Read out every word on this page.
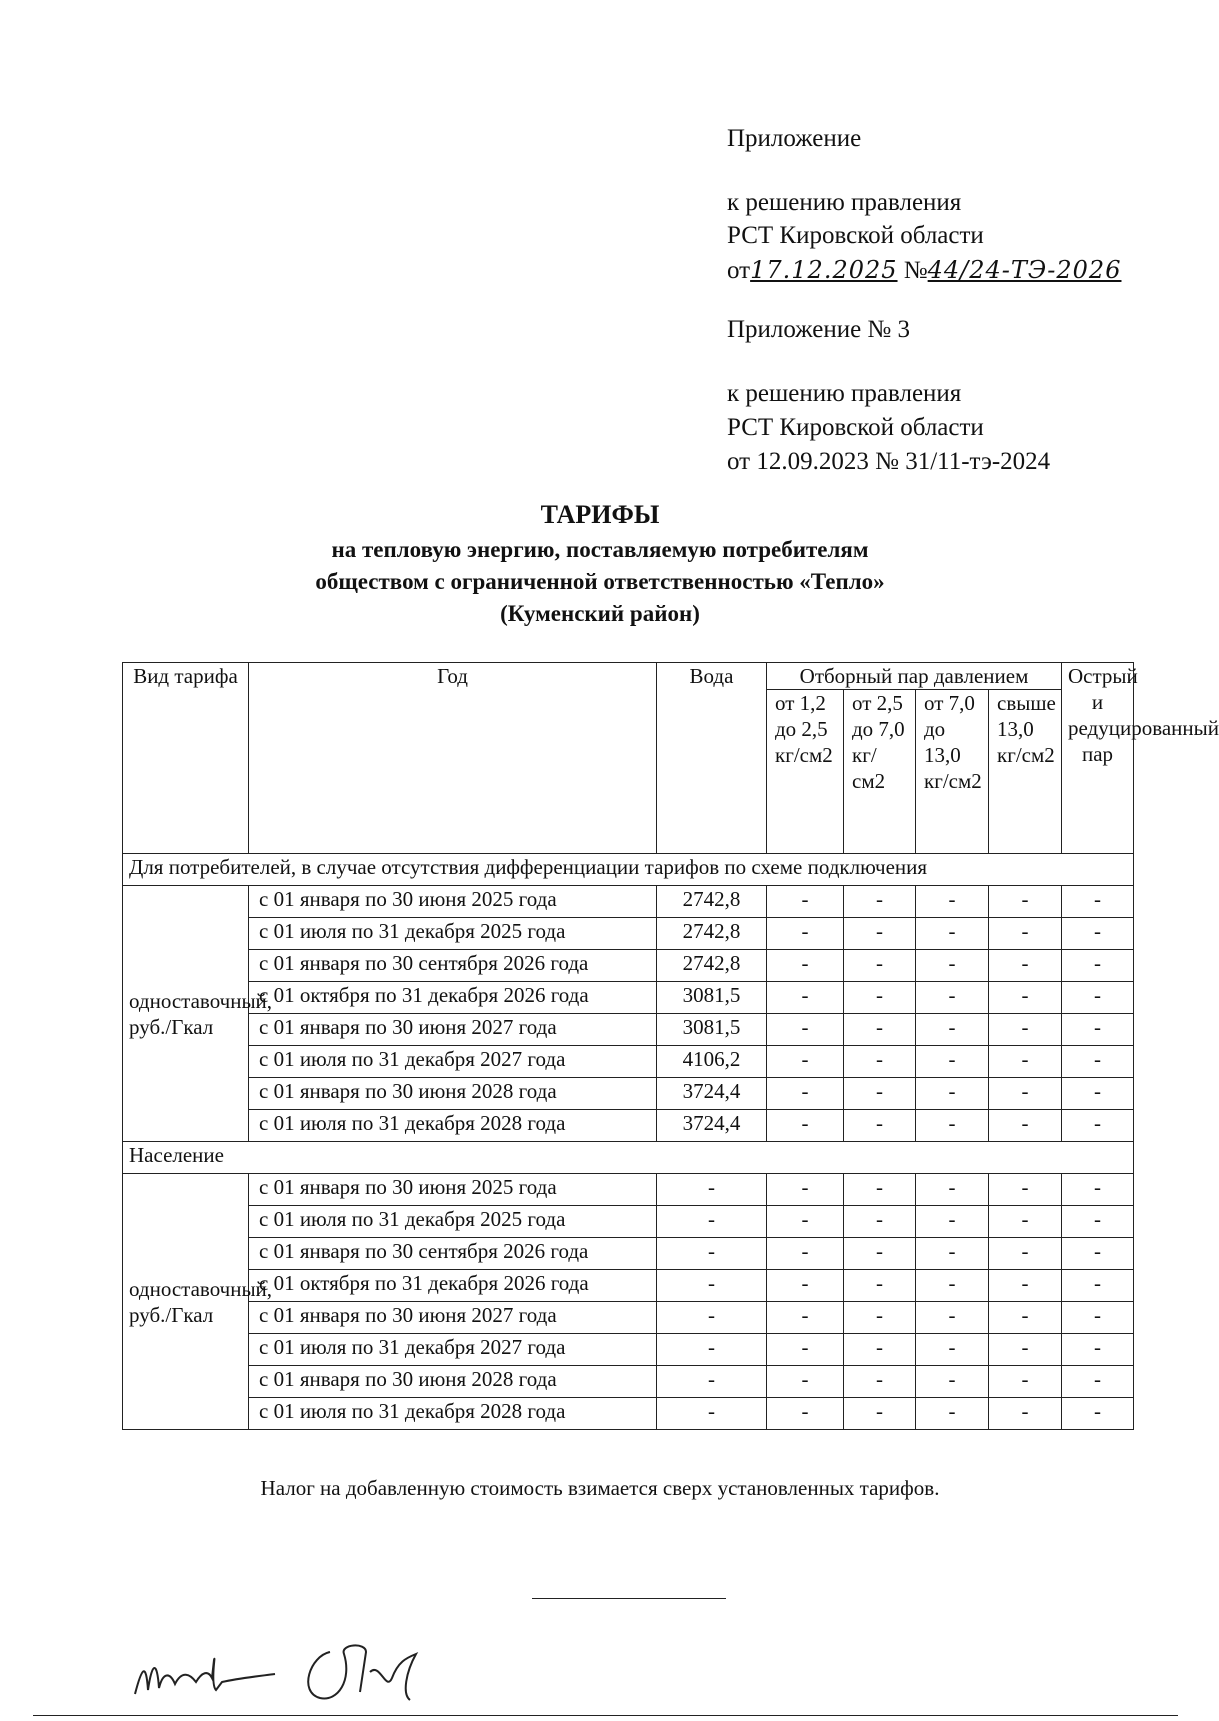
Приложение
к решению правления
РСТ Кировской области
от17.12.2025 №44/24-ТЭ-2026
Приложение № 3
к решению правления
РСТ Кировской области
от 12.09.2023 № 31/11-тэ-2024
ТАРИФЫ
на тепловую энергию, поставляемую потребителям
обществом с ограниченной ответственностью «Тепло»
(Куменский район)
Вид тарифа	Год	Вода	Отборный пар давлением				Острый и редуцированный пар
			от 1,2 до 2,5 кг/см2	от 2,5 до 7,0 кг/см2	от 7,0 до 13,0 кг/см2	свыше 13,0 кг/см2	
Для потребителей, в случае отсутствия дифференциации тарифов по схеме подключения							
одноставочный, руб./Гкал	с 01 января по 30 июня 2025 года	2742,8	-	-	-	-	-
	с 01 июля по 31 декабря 2025 года	2742,8	-	-	-	-	-
	с 01 января по 30 сентября 2026 года	2742,8	-	-	-	-	-
	с 01 октября по 31 декабря 2026 года	3081,5	-	-	-	-	-
	с 01 января по 30 июня 2027 года	3081,5	-	-	-	-	-
	с 01 июля по 31 декабря 2027 года	4106,2	-	-	-	-	-
	с 01 января по 30 июня 2028 года	3724,4	-	-	-	-	-
	с 01 июля по 31 декабря 2028 года	3724,4	-	-	-	-	-
Население							
одноставочный, руб./Гкал	с 01 января по 30 июня 2025 года	-	-	-	-	-	-
	с 01 июля по 31 декабря 2025 года	-	-	-	-	-	-
	с 01 января по 30 сентября 2026 года	-	-	-	-	-	-
	с 01 октября по 31 декабря 2026 года	-	-	-	-	-	-
	с 01 января по 30 июня 2027 года	-	-	-	-	-	-
	с 01 июля по 31 декабря 2027 года	-	-	-	-	-	-
	с 01 января по 30 июня 2028 года	-	-	-	-	-	-
	с 01 июля по 31 декабря 2028 года	-	-	-	-	-	-
Налог на добавленную стоимость взимается сверх установленных тарифов.
